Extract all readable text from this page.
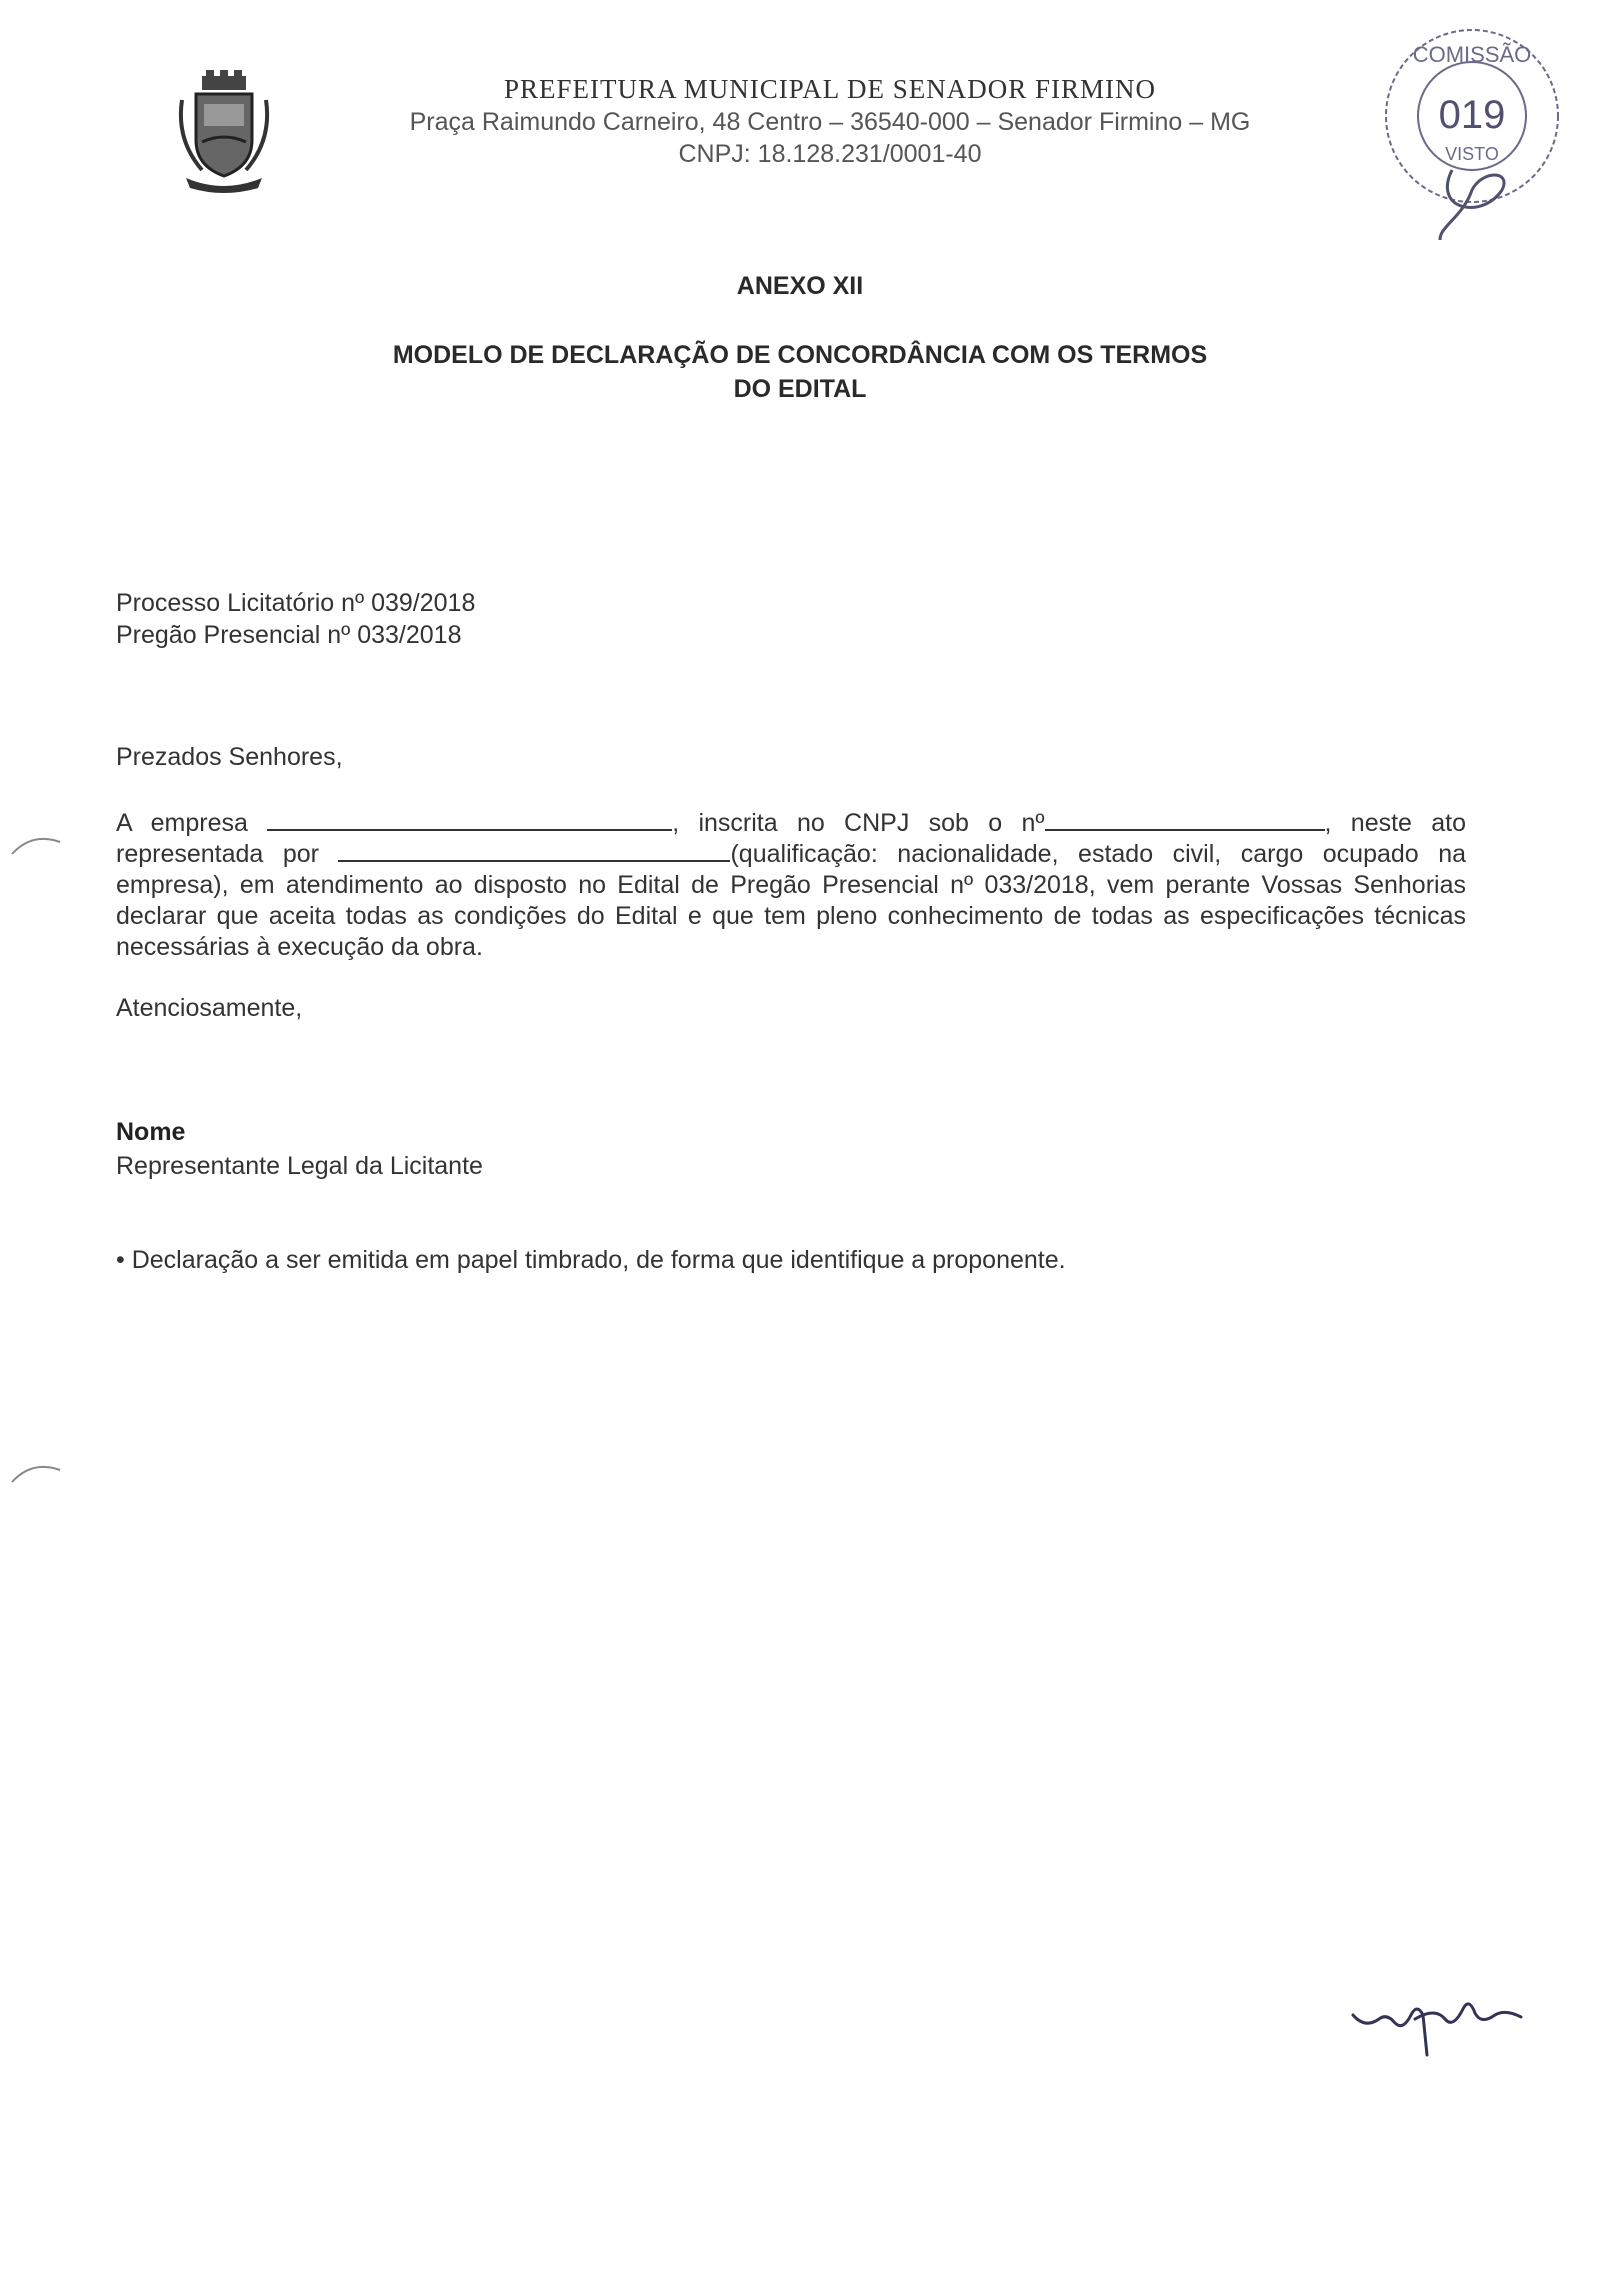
PREFEITURA MUNICIPAL DE SENADOR FIRMINO
Praça Raimundo Carneiro, 48 Centro – 36540-000 – Senador Firmino – MG
CNPJ: 18.128.231/0001-40
COMISSÃO
019
VISTO
ANEXO XII
MODELO DE DECLARAÇÃO DE CONCORDÂNCIA COM OS TERMOS
DO EDITAL
Processo Licitatório nº 039/2018
Pregão Presencial nº 033/2018
Prezados Senhores,
A empresa	, inscrita no CNPJ sob o nº	, neste ato representada por	(qualificação: nacionalidade, estado civil, cargo ocupado na empresa), em atendimento ao disposto no Edital de Pregão Presencial nº 033/2018, vem perante Vossas Senhorias declarar que aceita todas as condições do Edital e que tem pleno conhecimento de todas as especificações técnicas necessárias à execução da obra.
Atenciosamente,
Nome
Representante Legal da Licitante
• Declaração a ser emitida em papel timbrado, de forma que identifique a proponente.
